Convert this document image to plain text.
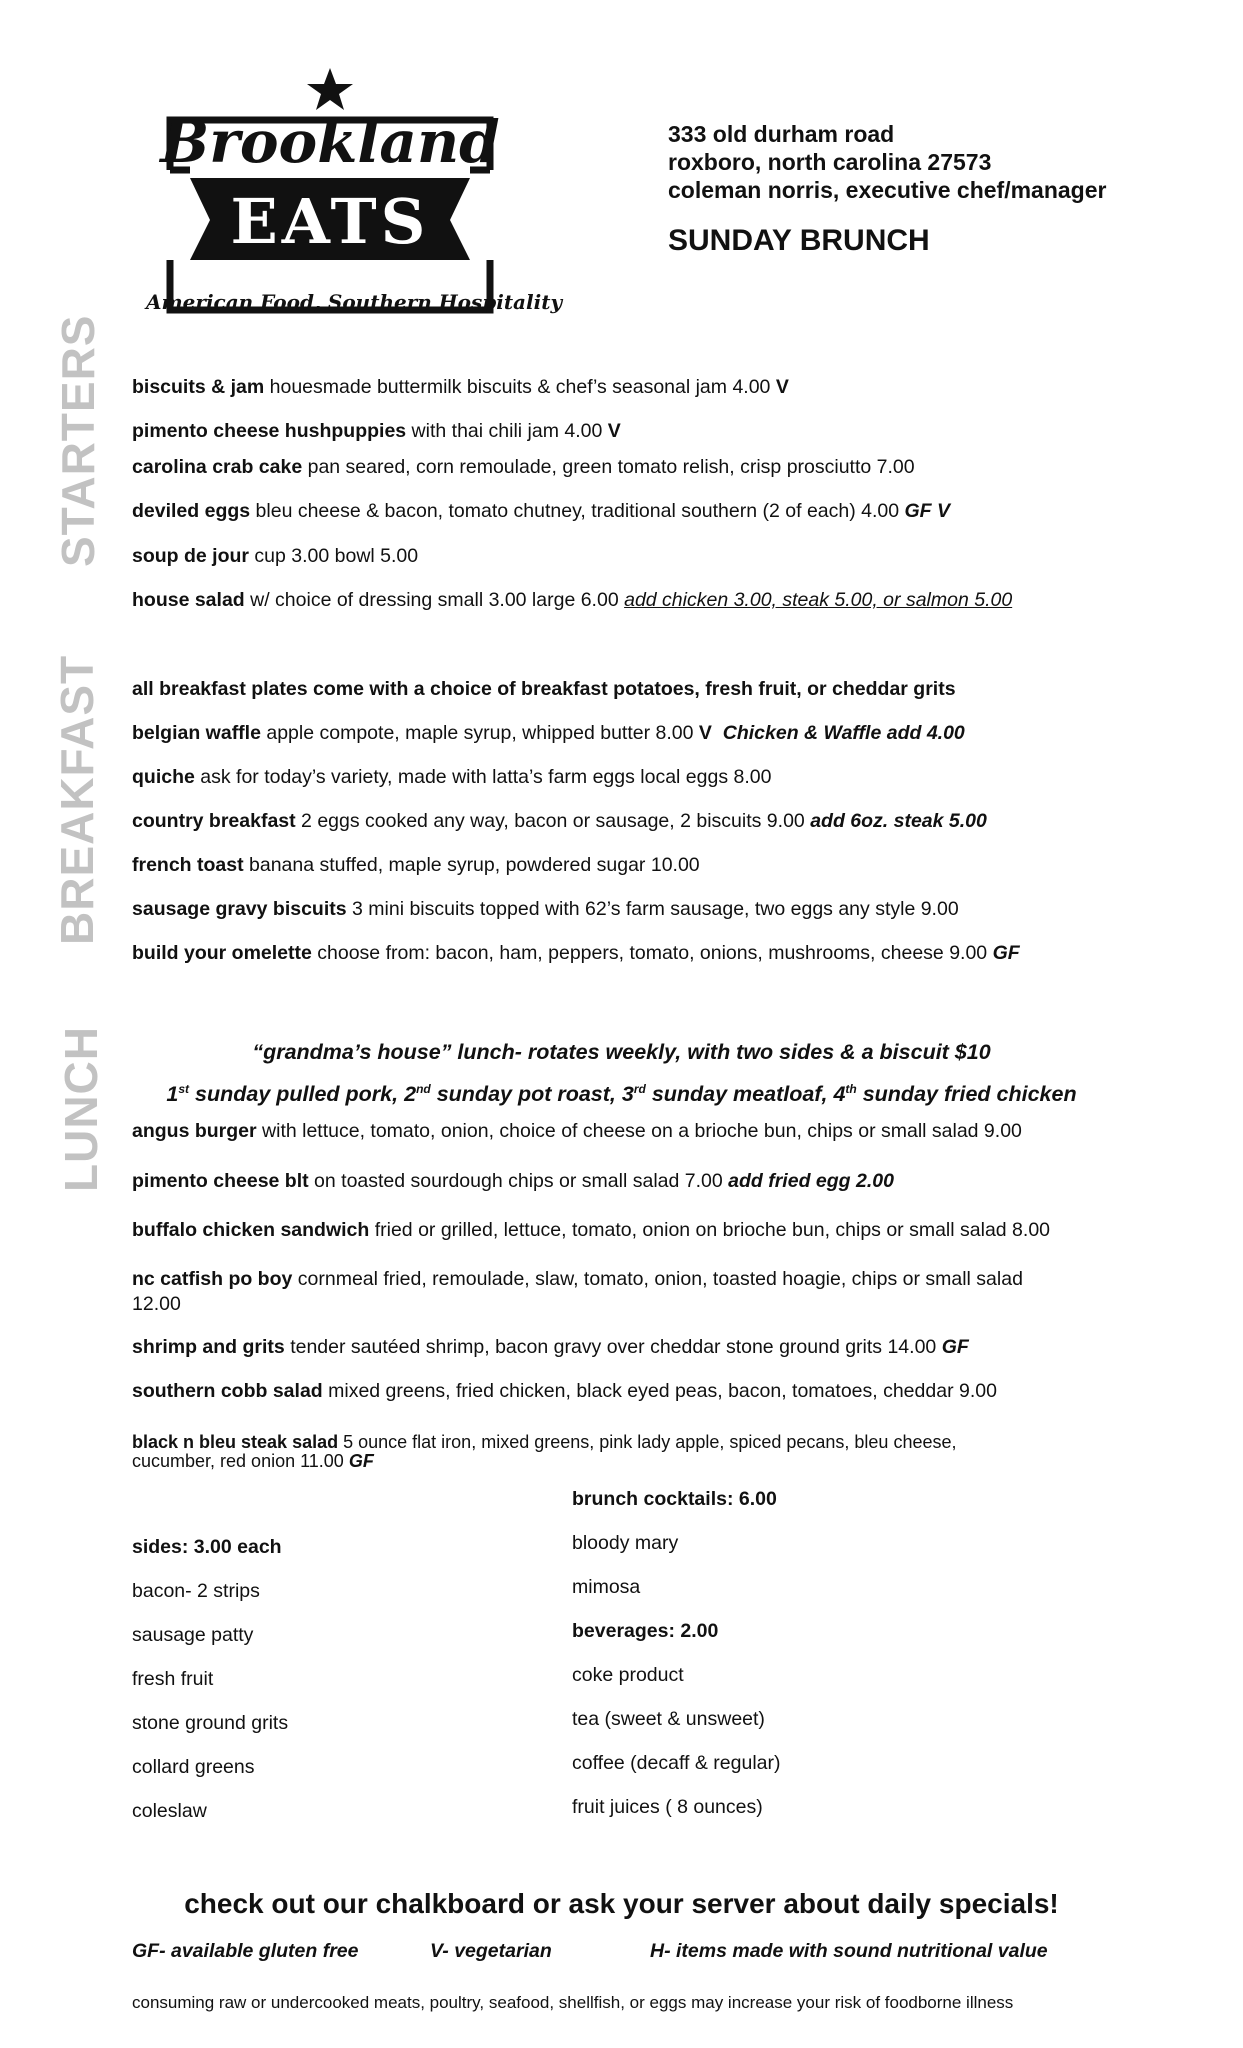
Brookland
EATS
American Food, Southern Hospitality
333 old durham road
roxboro, north carolina 27573
coleman norris, executive chef/manager
SUNDAY BRUNCH
STARTERS
BREAKFAST
LUNCH
biscuits & jam houesmade buttermilk biscuits & chef’s seasonal jam 4.00 V
pimento cheese hushpuppies with thai chili jam 4.00 V
carolina crab cake pan seared, corn remoulade, green tomato relish, crisp prosciutto 7.00
deviled eggs bleu cheese & bacon, tomato chutney, traditional southern (2 of each) 4.00 GF V
soup de jour cup 3.00 bowl 5.00
house salad w/ choice of dressing small 3.00 large 6.00 add chicken 3.00, steak 5.00, or salmon 5.00
all breakfast plates come with a choice of breakfast potatoes, fresh fruit, or cheddar grits
belgian waffle apple compote, maple syrup, whipped butter 8.00 V Chicken & Waffle add 4.00
quiche ask for today’s variety, made with latta’s farm eggs local eggs 8.00
country breakfast 2 eggs cooked any way, bacon or sausage, 2 biscuits 9.00 add 6oz. steak 5.00
french toast banana stuffed, maple syrup, powdered sugar 10.00
sausage gravy biscuits 3 mini biscuits topped with 62’s farm sausage, two eggs any style 9.00
build your omelette choose from: bacon, ham, peppers, tomato, onions, mushrooms, cheese 9.00 GF
“grandma’s house” lunch- rotates weekly, with two sides & a biscuit $10
1st sunday pulled pork, 2nd sunday pot roast, 3rd sunday meatloaf, 4th sunday fried chicken
angus burger with lettuce, tomato, onion, choice of cheese on a brioche bun, chips or small salad 9.00
pimento cheese blt on toasted sourdough chips or small salad 7.00 add fried egg 2.00
buffalo chicken sandwich fried or grilled, lettuce, tomato, onion on brioche bun, chips or small salad 8.00
nc catfish po boy cornmeal fried, remoulade, slaw, tomato, onion, toasted hoagie, chips or small salad
12.00
shrimp and grits tender sautéed shrimp, bacon gravy over cheddar stone ground grits 14.00 GF
southern cobb salad mixed greens, fried chicken, black eyed peas, bacon, tomatoes, cheddar 9.00
black n bleu steak salad 5 ounce flat iron, mixed greens, pink lady apple, spiced pecans, bleu cheese,
cucumber, red onion 11.00 GF
sides: 3.00 each
bacon- 2 strips
sausage patty
fresh fruit
stone ground grits
collard greens
coleslaw
brunch cocktails: 6.00
bloody mary
mimosa
beverages: 2.00
coke product
tea (sweet & unsweet)
coffee (decaff & regular)
fruit juices ( 8 ounces)
check out our chalkboard or ask your server about daily specials!
GF- available gluten free	V- vegetarian	H- items made with sound nutritional value
consuming raw or undercooked meats, poultry, seafood, shellfish, or eggs may increase your risk of foodborne illness
